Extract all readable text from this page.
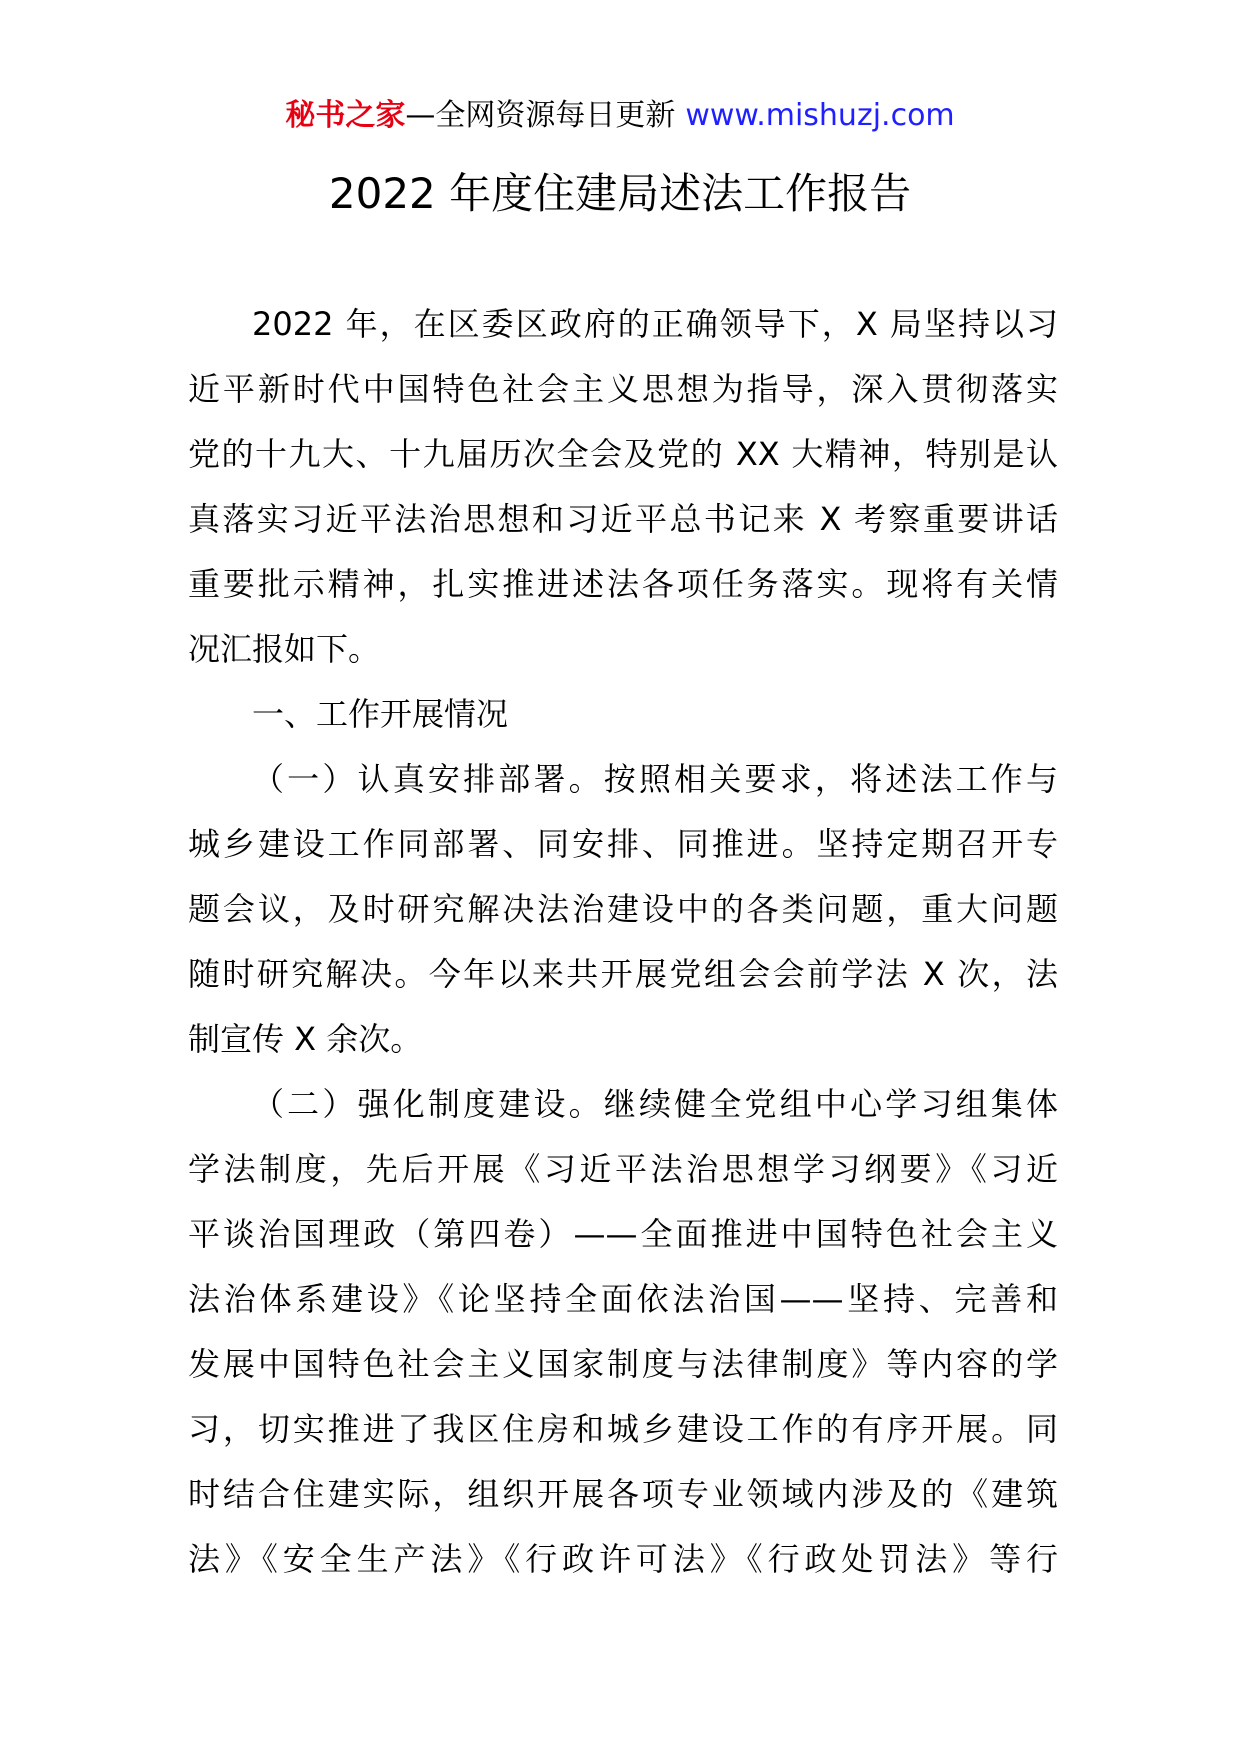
秘书之家—全网资源每日更新 www.mishuzj.com
2022 年度住建局述法工作报告
2022 年，在区委区政府的正确领导下，X 局坚持以习
近平新时代中国特色社会主义思想为指导，深入贯彻落实
党的十九大、十九届历次全会及党的 XX 大精神，特别是认
真落实习近平法治思想和习近平总书记来 X 考察重要讲话
重要批示精神，扎实推进述法各项任务落实。现将有关情
况汇报如下。
一、工作开展情况
（一）认真安排部署。按照相关要求，将述法工作与
城乡建设工作同部署、同安排、同推进。坚持定期召开专
题会议，及时研究解决法治建设中的各类问题，重大问题
随时研究解决。今年以来共开展党组会会前学法 X 次，法
制宣传 X 余次。
（二）强化制度建设。继续健全党组中心学习组集体
学法制度，先后开展《习近平法治思想学习纲要》《习近
平谈治国理政（第四卷）——全面推进中国特色社会主义
法治体系建设》《论坚持全面依法治国——坚持、完善和
发展中国特色社会主义国家制度与法律制度》等内容的学
习，切实推进了我区住房和城乡建设工作的有序开展。同
时结合住建实际，组织开展各项专业领域内涉及的《建筑
法》《安全生产法》《行政许可法》《行政处罚法》等行
